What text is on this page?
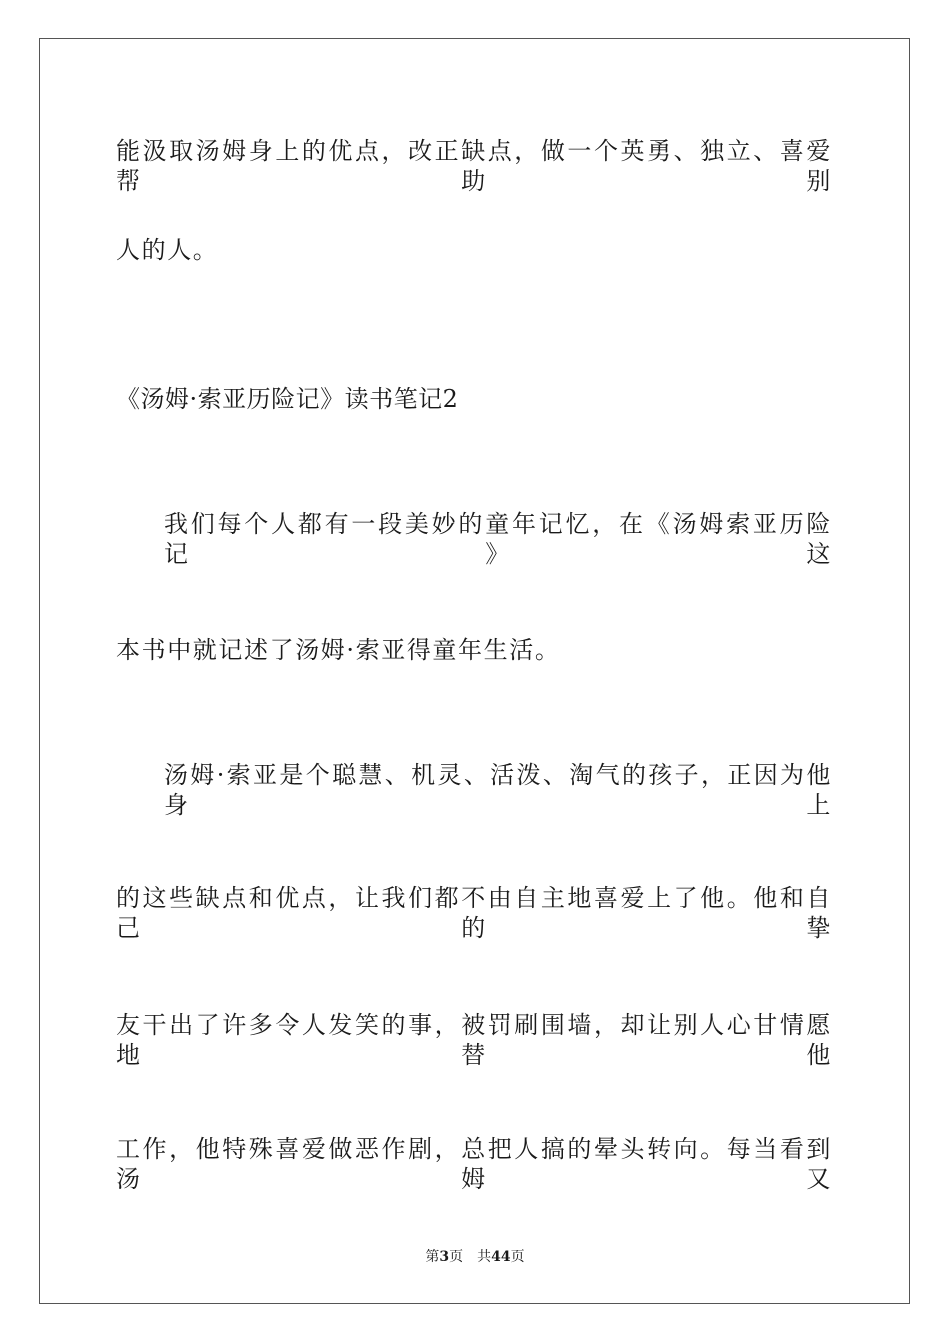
能汲取汤姆身上的优点，改正缺点，做一个英勇、独立、喜爱帮助别
人的人。
《汤姆·索亚历险记》读书笔记2
我们每个人都有一段美妙的童年记忆，在《汤姆索亚历险记》这
本书中就记述了汤姆·索亚得童年生活。
汤姆·索亚是个聪慧、机灵、活泼、淘气的孩子，正因为他身上
的这些缺点和优点，让我们都不由自主地喜爱上了他。他和自己的挚
友干出了许多令人发笑的事，被罚刷围墙，却让别人心甘情愿地替他
工作，他特殊喜爱做恶作剧，总把人搞的晕头转向。每当看到汤姆又
第3页 共44页
